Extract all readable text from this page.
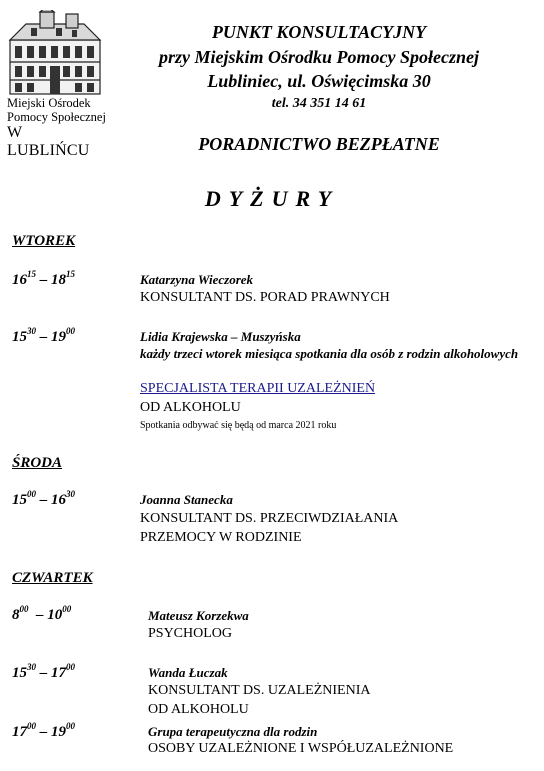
Miejski Ośrodek
Pomocy Społecznej
W LUBLIŃCU
PUNKT KONSULTACYJNY
przy Miejskim Ośrodku Pomocy Społecznej
Lubliniec, ul. Oświęcimska 30
tel. 34 351 14 61
PORADNICTWO BEZPŁATNE
DYŻURY
WTOREK
$16^{15} - 18^{15}$	Katarzyna Wieczorek
KONSULTANT DS. PORAD PRAWNYCH
$15^{30} - 19^{00}$	Lidia Krajewska – Muszyńska
każdy trzeci wtorek miesiąca spotkania dla osób z rodzin alkoholowych
SPECJALISTA TERAPII UZALEŻNIEŃ
OD ALKOHOLU
Spotkania odbywać się będą od marca 2021 roku
ŚRODA
$15^{00} - 16^{30}$	Joanna Stanecka
KONSULTANT DS. PRZECIWDZIAŁANIA
PRZEMOCY W RODZINIE
CZWARTEK
$8^{00} - 10^{00}$	Mateusz Korzekwa
PSYCHOLOG
$15^{30} - 17^{00}$	Wanda Łuczak
KONSULTANT DS. UZALEŻNIENIA
OD ALKOHOLU
$17^{00} - 19^{00}$	Grupa terapeutyczna dla rodzin
OSOBY UZALEŻNIONE I WSPÓŁUZALEŻNIONE
